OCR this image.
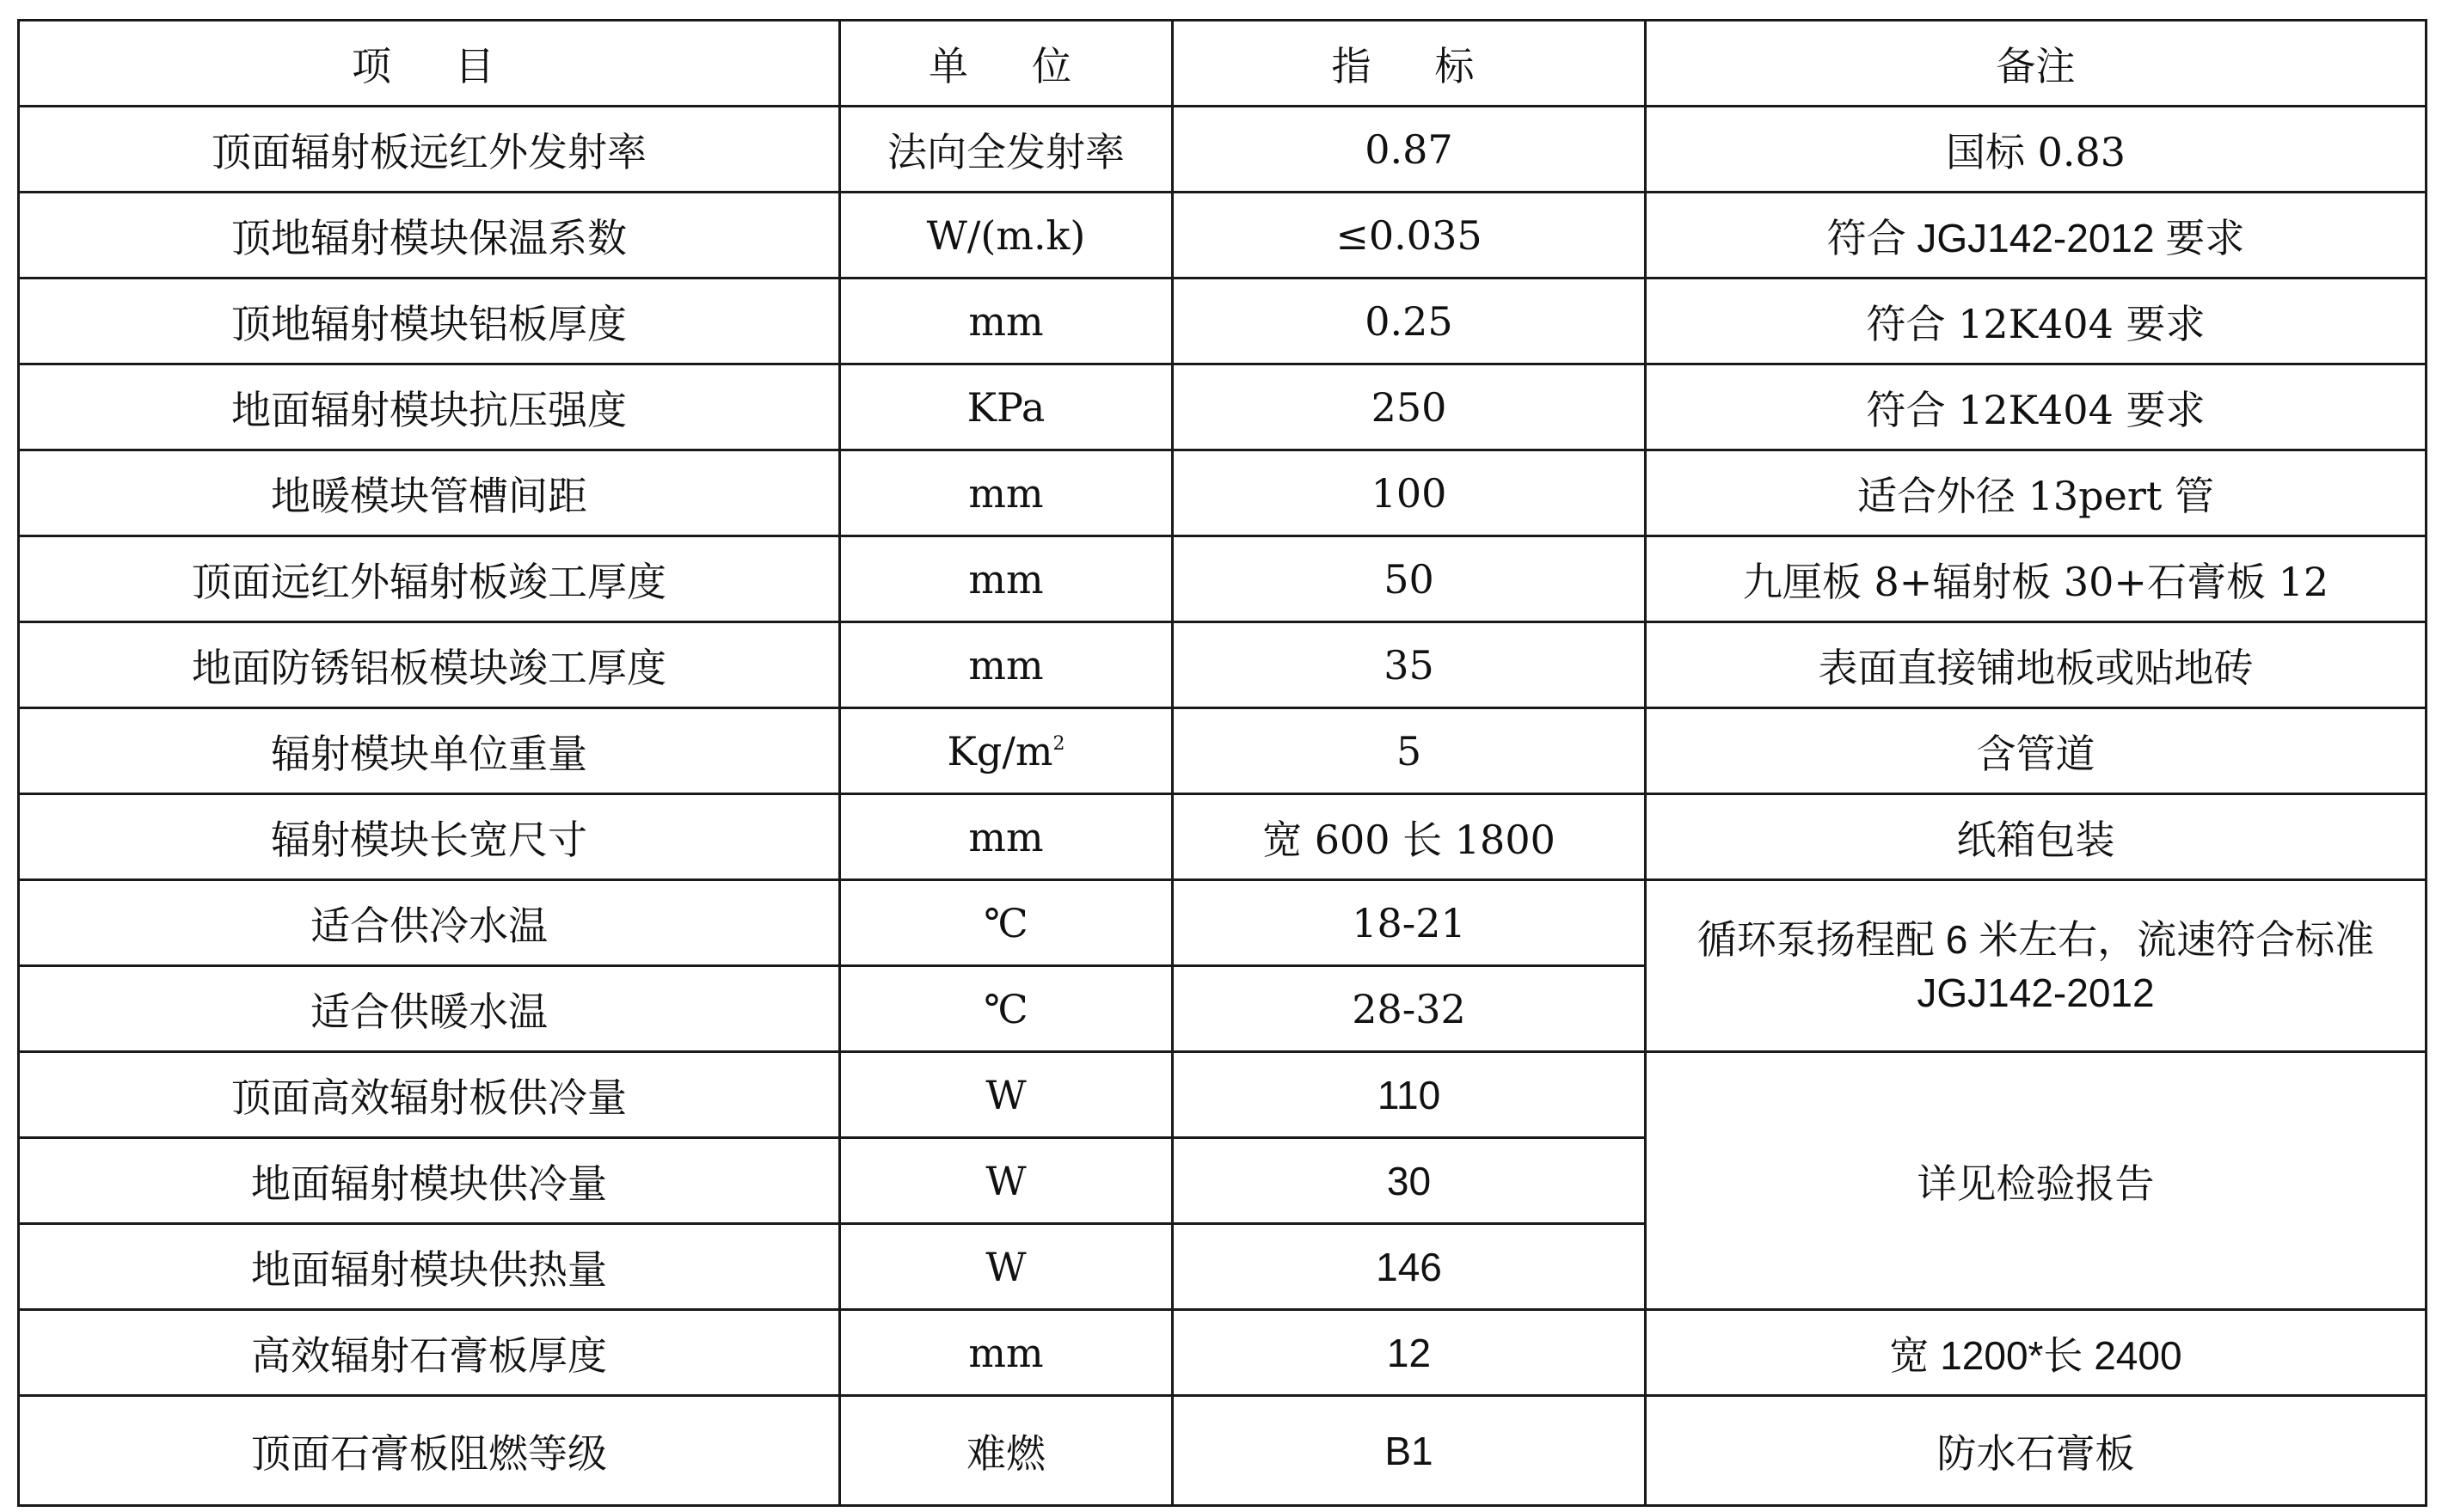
项　目	单　位	指　标	备注
顶面辐射板远红外发射率	法向全发射率	0.87	国标 0.83
顶地辐射模块保温系数	W/(m.k)	≤0.035	符合 JGJ142-2012 要求
顶地辐射模块铝板厚度	mm	0.25	符合 12K404 要求
地面辐射模块抗压强度	KPa	250	符合 12K404 要求
地暖模块管槽间距	mm	100	适合外径 13pert 管
顶面远红外辐射板竣工厚度	mm	50	九厘板 8+辐射板 30+石膏板 12
地面防锈铝板模块竣工厚度	mm	35	表面直接铺地板或贴地砖
辐射模块单位重量	$Kg/m^2$	5	含管道
辐射模块长宽尺寸	mm	宽 600 长 1800	纸箱包装
适合供冷水温	℃	18-21	循环泵扬程配 6 米左右，流速符合标准
JGJ142-2012

适合供暖水温	℃	28-32	
顶面高效辐射板供冷量	W	110	详见检验报告
地面辐射模块供冷量	W	30	
地面辐射模块供热量	W	146	
高效辐射石膏板厚度	mm	12	宽 1200*长 2400
顶面石膏板阻燃等级	难燃	B1	防水石膏板
